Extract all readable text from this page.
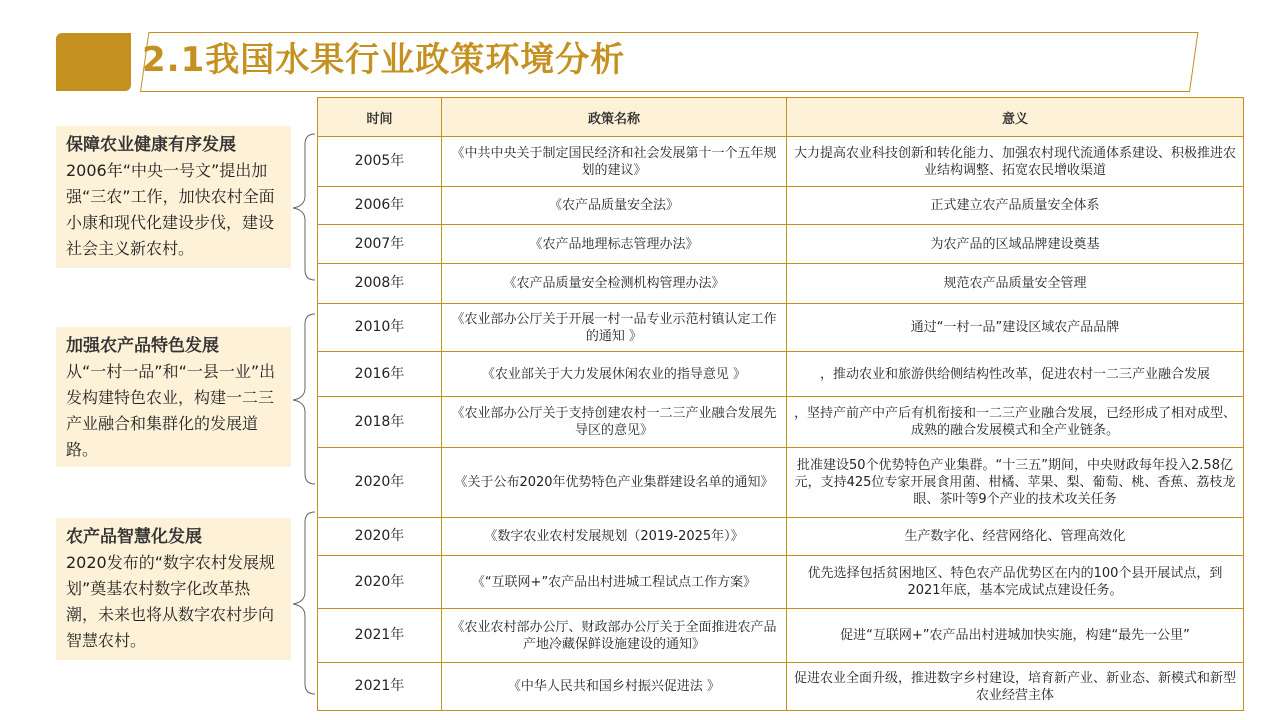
2.1我国水果行业政策环境分析
保障农业健康有序发展
2006年“中央一号文”提出加强“三农”工作，加快农村全面小康和现代化建设步伐，建设社会主义新农村。
加强农产品特色发展
从“一村一品”和“一县一业”出发构建特色农业，构建一二三产业融合和集群化的发展道路。
农产品智慧化发展
2020发布的“数字农村发展规划”奠基农村数字化改革热潮，未来也将从数字农村步向智慧农村。
时间	政策名称	意义
2005年	《中共中央关于制定国民经济和社会发展第十一个五年规划的建议》	大力提高农业科技创新和转化能力、加强农村现代流通体系建设、积极推进农业结构调整、拓宽农民增收渠道
2006年	《农产品质量安全法》	正式建立农产品质量安全体系
2007年	《农产品地理标志管理办法》	为农产品的区域品牌建设奠基
2008年	《农产品质量安全检测机构管理办法》	规范农产品质量安全管理
2010年	《农业部办公厅关于开展一村一品专业示范村镇认定工作的通知 》	通过“一村一品”建设区域农产品品牌
2016年	《农业部关于大力发展休闲农业的指导意见 》	，推动农业和旅游供给侧结构性改革，促进农村一二三产业融合发展
2018年	《农业部办公厅关于支持创建农村一二三产业融合发展先导区的意见》	，坚持产前产中产后有机衔接和一二三产业融合发展，已经形成了相对成型、成熟的融合发展模式和全产业链条。
2020年	《关于公布2020年优势特色产业集群建设名单的通知》	批准建设50个优势特色产业集群。“十三五”期间，中央财政每年投入2.58亿元，支持425位专家开展食用菌、柑橘、苹果、梨、葡萄、桃、香蕉、荔枝龙眼、茶叶等9个产业的技术攻关任务
2020年	《数字农业农村发展规划（2019-2025年）》	生产数字化、经营网络化、管理高效化
2020年	《“互联网+”农产品出村进城工程试点工作方案》	优先选择包括贫困地区、特色农产品优势区在内的100个县开展试点，到2021年底，基本完成试点建设任务。
2021年	《农业农村部办公厅、财政部办公厅关于全面推进农产品产地冷藏保鲜设施建设的通知》	促进“互联网+”农产品出村进城加快实施，构建“最先一公里”
2021年	《中华人民共和国乡村振兴促进法 》	促进农业全面升级，推进数字乡村建设，培育新产业、新业态、新模式和新型农业经营主体
